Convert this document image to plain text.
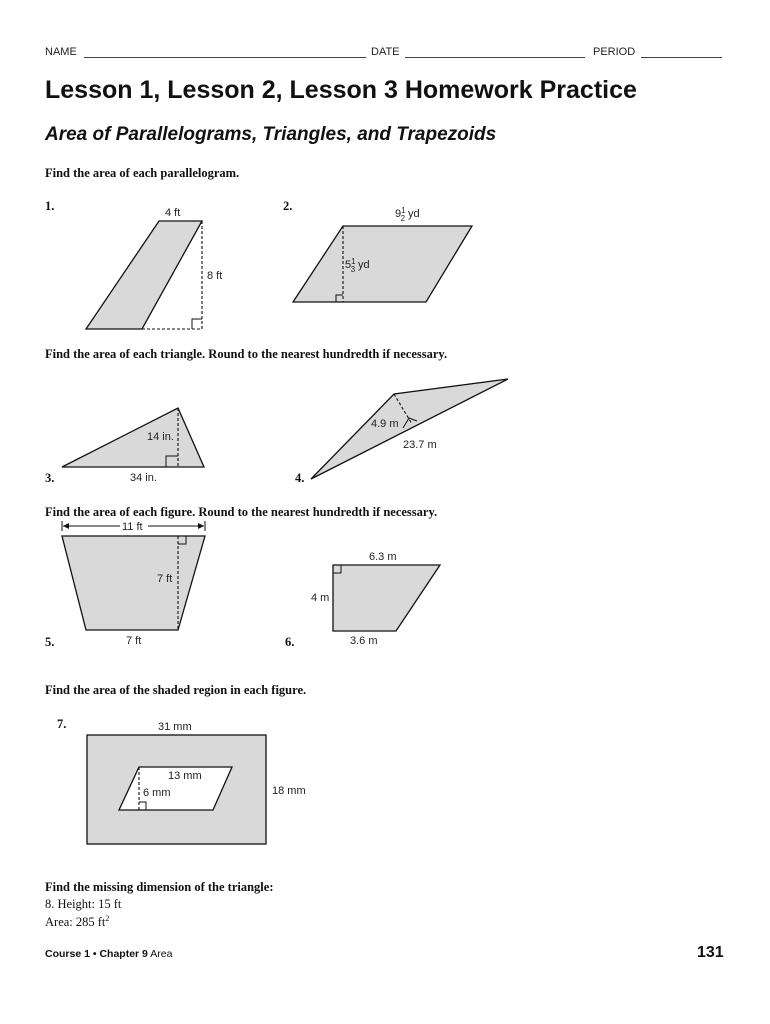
NAME	DATE	PERIOD
Lesson 1, Lesson 2, Lesson 3 Homework Practice
Area of Parallelograms, Triangles, and Trapezoids
Find the area of each parallelogram.
Find the area of each triangle. Round to the nearest hundredth if necessary.
Find the area of each figure. Round to the nearest hundredth if necessary.
Find the area of the shaded region in each figure.
Find the missing dimension of the triangle:
1.	2.
3.	4.
5.	6.
7.
8. Height: 15 ft
Area: 285 $ft^2$
4 ft
8 ft
$9^1$ 2 yd
$5^1$ 3 yd
14 in.
34 in.
4.9 m
23.7 m
11 ft
7 ft
7 ft
6.3 m
4 m
3.6 m
31 mm
18 mm
13 mm
6 mm
Course 1 • Chapter 9 Area	131
